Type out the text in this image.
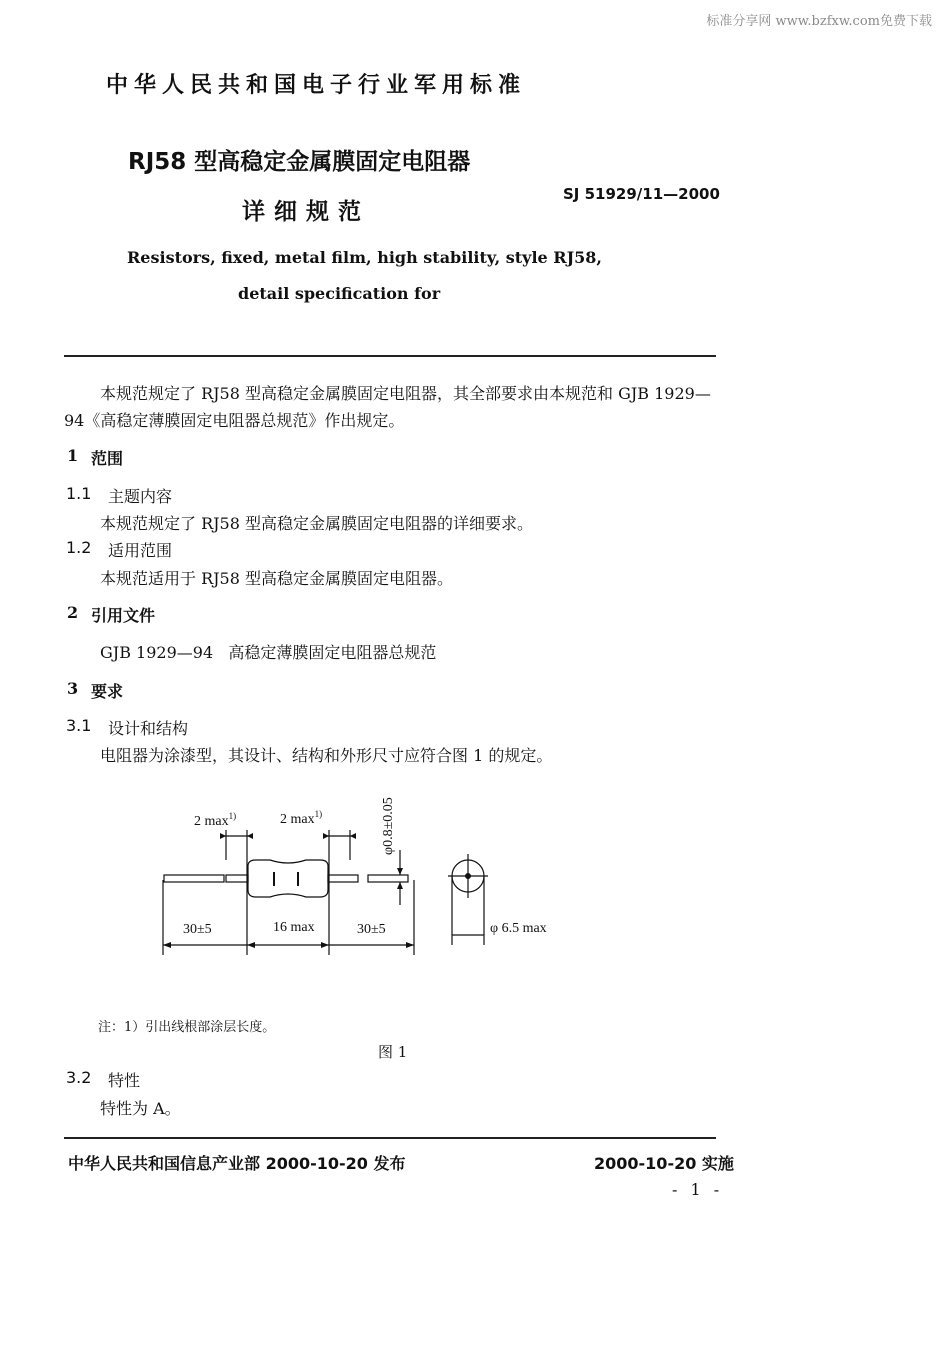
标准分享网 www.bzfxw.com免费下载
中华人民共和国电子行业军用标准
RJ58 型高稳定金属膜固定电阻器
详细规范
SJ 51929/11—2000
Resistors, fixed, metal film, high stability, style RJ58,
detail specification for
本规范规定了 RJ58 型高稳定金属膜固定电阻器，其全部要求由本规范和 GJB 1929—
94《高稳定薄膜固定电阻器总规范》作出规定。
1 范围
1.1 主题内容
本规范规定了 RJ58 型高稳定金属膜固定电阻器的详细要求。
1.2 适用范围
本规范适用于 RJ58 型高稳定金属膜固定电阻器。
2 引用文件
GJB 1929—94   高稳定薄膜固定电阻器总规范
3 要求
3.1 设计和结构
电阻器为涂漆型，其设计、结构和外形尺寸应符合图 1 的规定。
2 $\max^{1)}$	2 $\max^{1)}$	φ0.8±0.05
30±5	16 max	30±5	φ 6.5 max
注：1）引出线根部涂层长度。
图 1
3.2 特性
特性为 A。
中华人民共和国信息产业部 2000-10-20 发布	2000-10-20 实施
- 1 -
